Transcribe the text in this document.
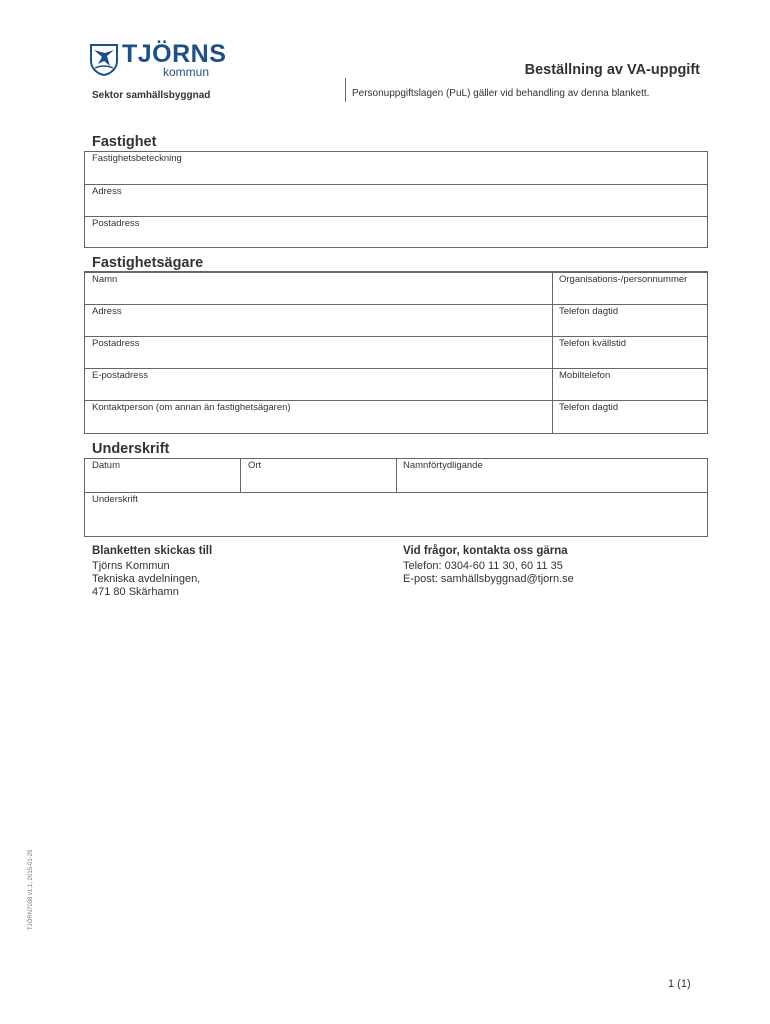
TJÖRNS
kommun
Sektor samhällsbyggnad
Beställning av VA-uppgift
Personuppgiftslagen (PuL) gäller vid behandling av denna blankett.
Fastighet
Fastighetsbeteckning
Adress
Postadress
Fastighetsägare
Namn	Organisations-/personnummer
Adress	Telefon dagtid
Postadress	Telefon kvällstid
E-postadress	Mobiltelefon
Kontaktperson (om annan än fastighetsägaren)	Telefon dagtid
Underskrift
Datum	Ort	Namnförtydligande
Underskrift
Blanketten skickas till
Tjörns Kommun
Tekniska avdelningen,
471 80 Skärhamn
Vid frågor, kontakta oss gärna
Telefon: 0304-60 11 30, 60 11 35
E-post: samhällsbyggnad@tjorn.se
TJÖRN7038 v1.1, 2015-01-29
1 (1)
